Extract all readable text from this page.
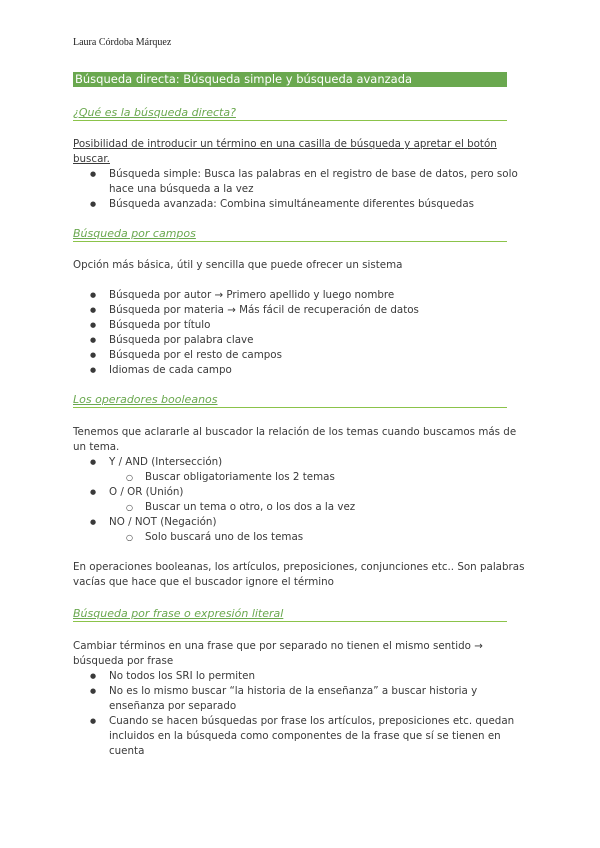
Laura Córdoba Márquez
Búsqueda directa: Búsqueda simple y búsqueda avanzada
¿Qué es la búsqueda directa?
Posibilidad de introducir un término en una casilla de búsqueda y apretar el botón buscar.
● Búsqueda simple: Busca las palabras en el registro de base de datos, pero solo hace una búsqueda a la vez
● Búsqueda avanzada: Combina simultáneamente diferentes búsquedas
Búsqueda por campos
Opción más básica, útil y sencilla que puede ofrecer un sistema
● Búsqueda por autor → Primero apellido y luego nombre
● Búsqueda por materia → Más fácil de recuperación de datos
● Búsqueda por título
● Búsqueda por palabra clave
● Búsqueda por el resto de campos
● Idiomas de cada campo
Los operadores booleanos
Tenemos que aclararle al buscador la relación de los temas cuando buscamos más de un tema.
● Y / AND (Intersección)
○ Buscar obligatoriamente los 2 temas
● O / OR (Unión)
○ Buscar un tema o otro, o los dos a la vez
● NO / NOT (Negación)
○ Solo buscará uno de los temas
En operaciones booleanas, los artículos, preposiciones, conjunciones etc.. Son palabras vacías que hace que el buscador ignore el término
Búsqueda por frase o expresión literal
Cambiar términos en una frase que por separado no tienen el mismo sentido → búsqueda por frase
● No todos los SRI lo permiten
● No es lo mismo buscar “la historia de la enseñanza” a buscar historia y enseñanza por separado
● Cuando se hacen búsquedas por frase los artículos, preposiciones etc. quedan incluidos en la búsqueda como componentes de la frase que sí se tienen en cuenta
